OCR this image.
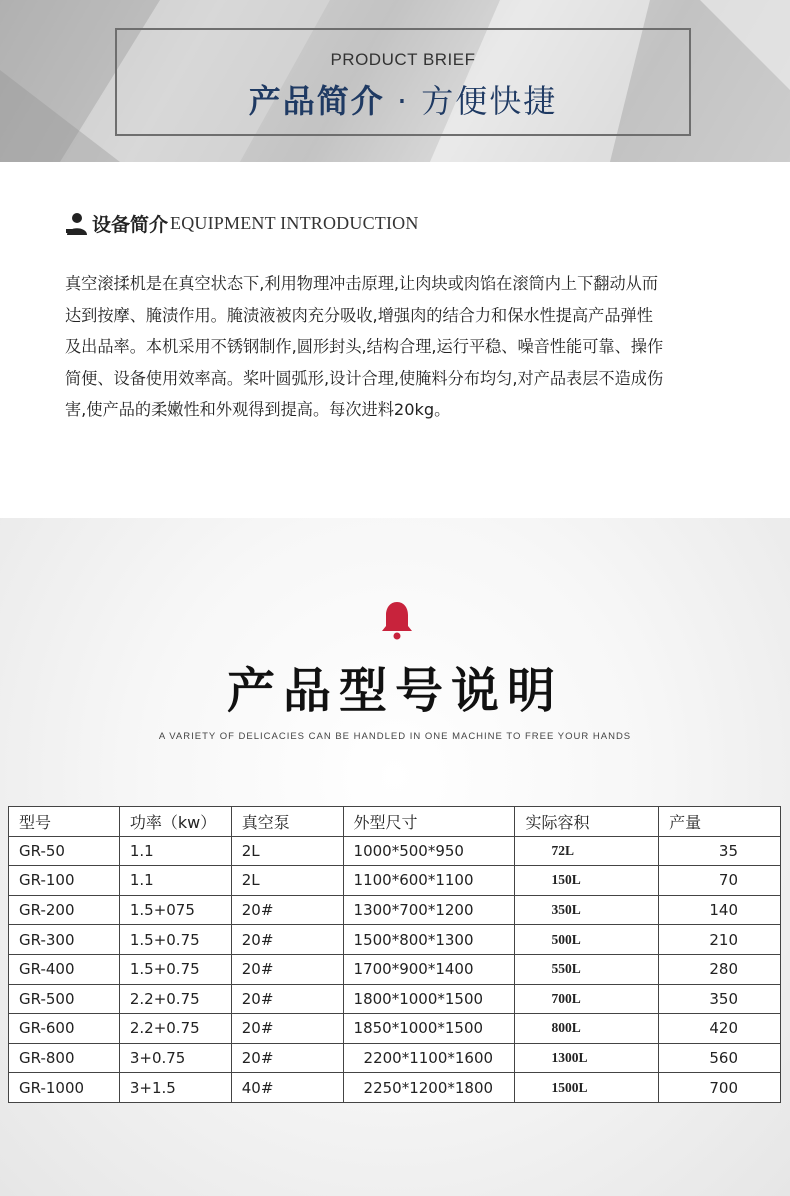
PRODUCT BRIEF
产品简介 · 方便快捷
设备简介 EQUIPMENT INTRODUCTION
真空滚揉机是在真空状态下,利用物理冲击原理,让肉块或肉馅在滚筒内上下翻动从而
达到按摩、腌渍作用。腌渍液被肉充分吸收,增强肉的结合力和保水性提高产品弹性
及出品率。本机采用不锈钢制作,圆形封头,结构合理,运行平稳、噪音性能可靠、操作
简便、设备使用效率高。桨叶圆弧形,设计合理,使腌料分布均匀,对产品表层不造成伤
害,使产品的柔嫩性和外观得到提高。每次进料20kg。
产品型号说明
A VARIETY OF DELICACIES CAN BE HANDLED IN ONE MACHINE TO FREE YOUR HANDS
型号	功率（kw）	真空泵	外型尺寸	实际容积	产量
GR-50	1.1	2L	1000*500*950	72L	35
GR-100	1.1	2L	1100*600*1100	150L	70
GR-200	1.5+075	20#	1300*700*1200	350L	140
GR-300	1.5+0.75	20#	1500*800*1300	500L	210
GR-400	1.5+0.75	20#	1700*900*1400	550L	280
GR-500	2.2+0.75	20#	1800*1000*1500	700L	350
GR-600	2.2+0.75	20#	1850*1000*1500	800L	420
GR-800	3+0.75	20#	2200*1100*1600	1300L	560
GR-1000	3+1.5	40#	2250*1200*1800	1500L	700
